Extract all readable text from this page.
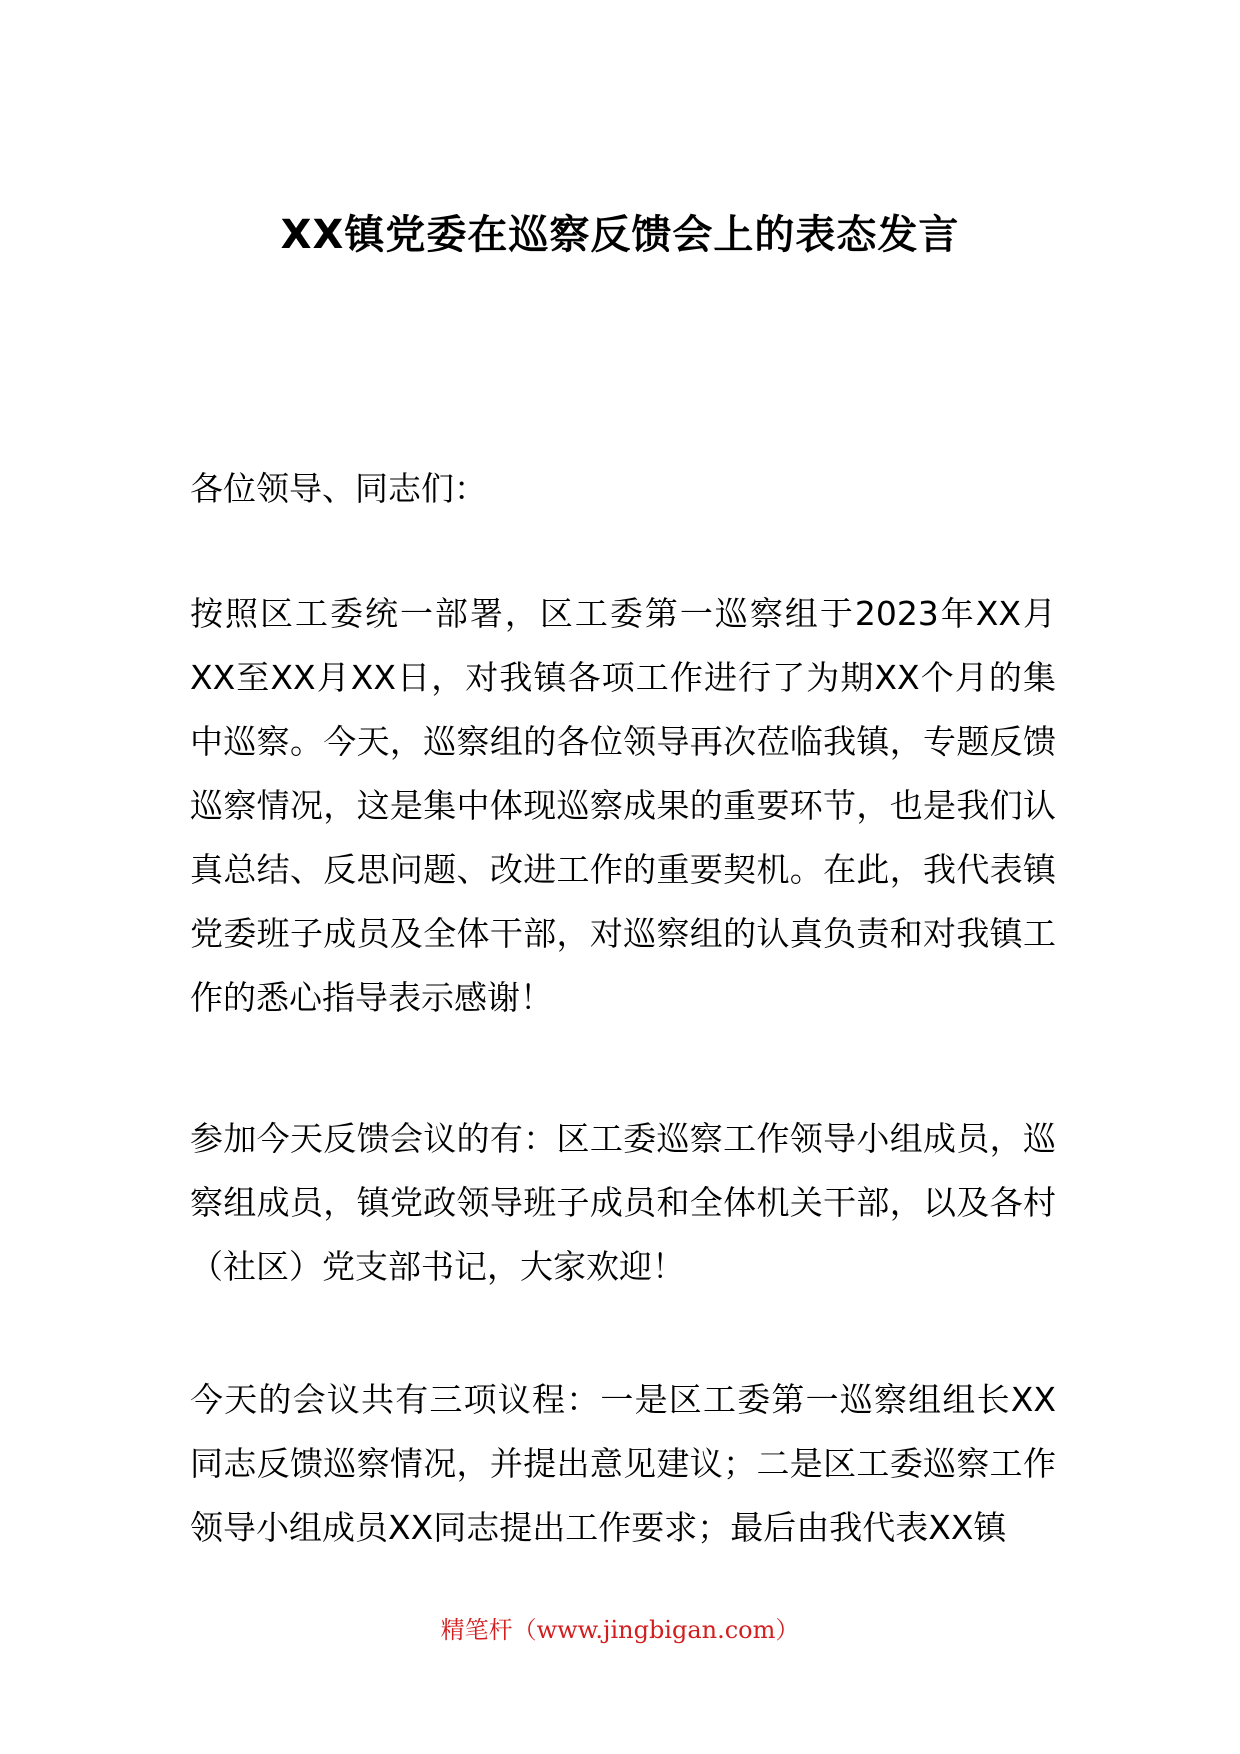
XX镇党委在巡察反馈会上的表态发言

各位领导、同志们：

按照区工委统一部署，区工委第一巡察组于2023年XX月XX至XX月XX日，对我镇各项工作进行了为期XX个月的集中巡察。今天，巡察组的各位领导再次莅临我镇，专题反馈巡察情况，这是集中体现巡察成果的重要环节，也是我们认真总结、反思问题、改进工作的重要契机。在此，我代表镇党委班子成员及全体干部，对巡察组的认真负责和对我镇工作的悉心指导表示感谢！

参加今天反馈会议的有：区工委巡察工作领导小组成员，巡察组成员，镇党政领导班子成员和全体机关干部，以及各村（社区）党支部书记，大家欢迎！

今天的会议共有三项议程：一是区工委第一巡察组组长XX同志反馈巡察情况，并提出意见建议；二是区工委巡察工作领导小组成员XX同志提出工作要求；最后由我代表XX镇

精笔杆（www.jingbigan.com）
